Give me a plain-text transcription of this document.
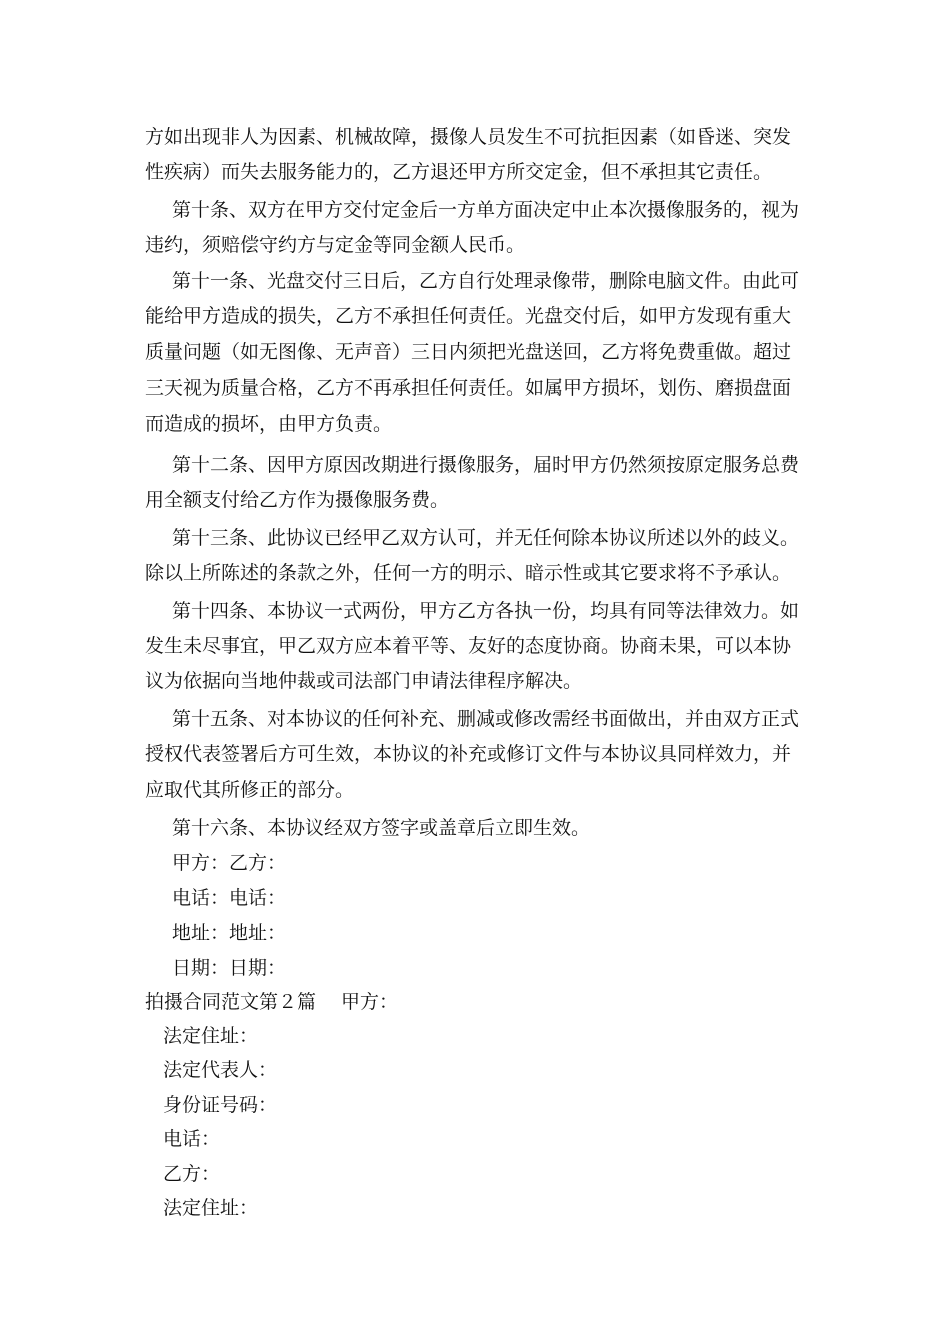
方如出现非人为因素、机械故障，摄像人员发生不可抗拒因素（如昏迷、突发
性疾病）而失去服务能力的，乙方退还甲方所交定金，但不承担其它责任。
第十条、双方在甲方交付定金后一方单方面决定中止本次摄像服务的，视为
违约，须赔偿守约方与定金等同金额人民币。
第十一条、光盘交付三日后，乙方自行处理录像带，删除电脑文件。由此可
能给甲方造成的损失，乙方不承担任何责任。光盘交付后，如甲方发现有重大
质量问题（如无图像、无声音）三日内须把光盘送回，乙方将免费重做。超过
三天视为质量合格，乙方不再承担任何责任。如属甲方损坏，划伤、磨损盘面
而造成的损坏，由甲方负责。
第十二条、因甲方原因改期进行摄像服务，届时甲方仍然须按原定服务总费
用全额支付给乙方作为摄像服务费。
第十三条、此协议已经甲乙双方认可，并无任何除本协议所述以外的歧义。
除以上所陈述的条款之外，任何一方的明示、暗示性或其它要求将不予承认。
第十四条、本协议一式两份，甲方乙方各执一份，均具有同等法律效力。如
发生未尽事宜，甲乙双方应本着平等、友好的态度协商。协商未果，可以本协
议为依据向当地仲裁或司法部门申请法律程序解决。
第十五条、对本协议的任何补充、删减或修改需经书面做出，并由双方正式
授权代表签署后方可生效，本协议的补充或修订文件与本协议具同样效力，并
应取代其所修正的部分。
第十六条、本协议经双方签字或盖章后立即生效。
甲方：乙方：
电话：电话：
地址：地址：
日期：日期：
拍摄合同范文第２篇　 甲方：
法定住址：
法定代表人：
身份证号码：
电话：
乙方：
法定住址：
